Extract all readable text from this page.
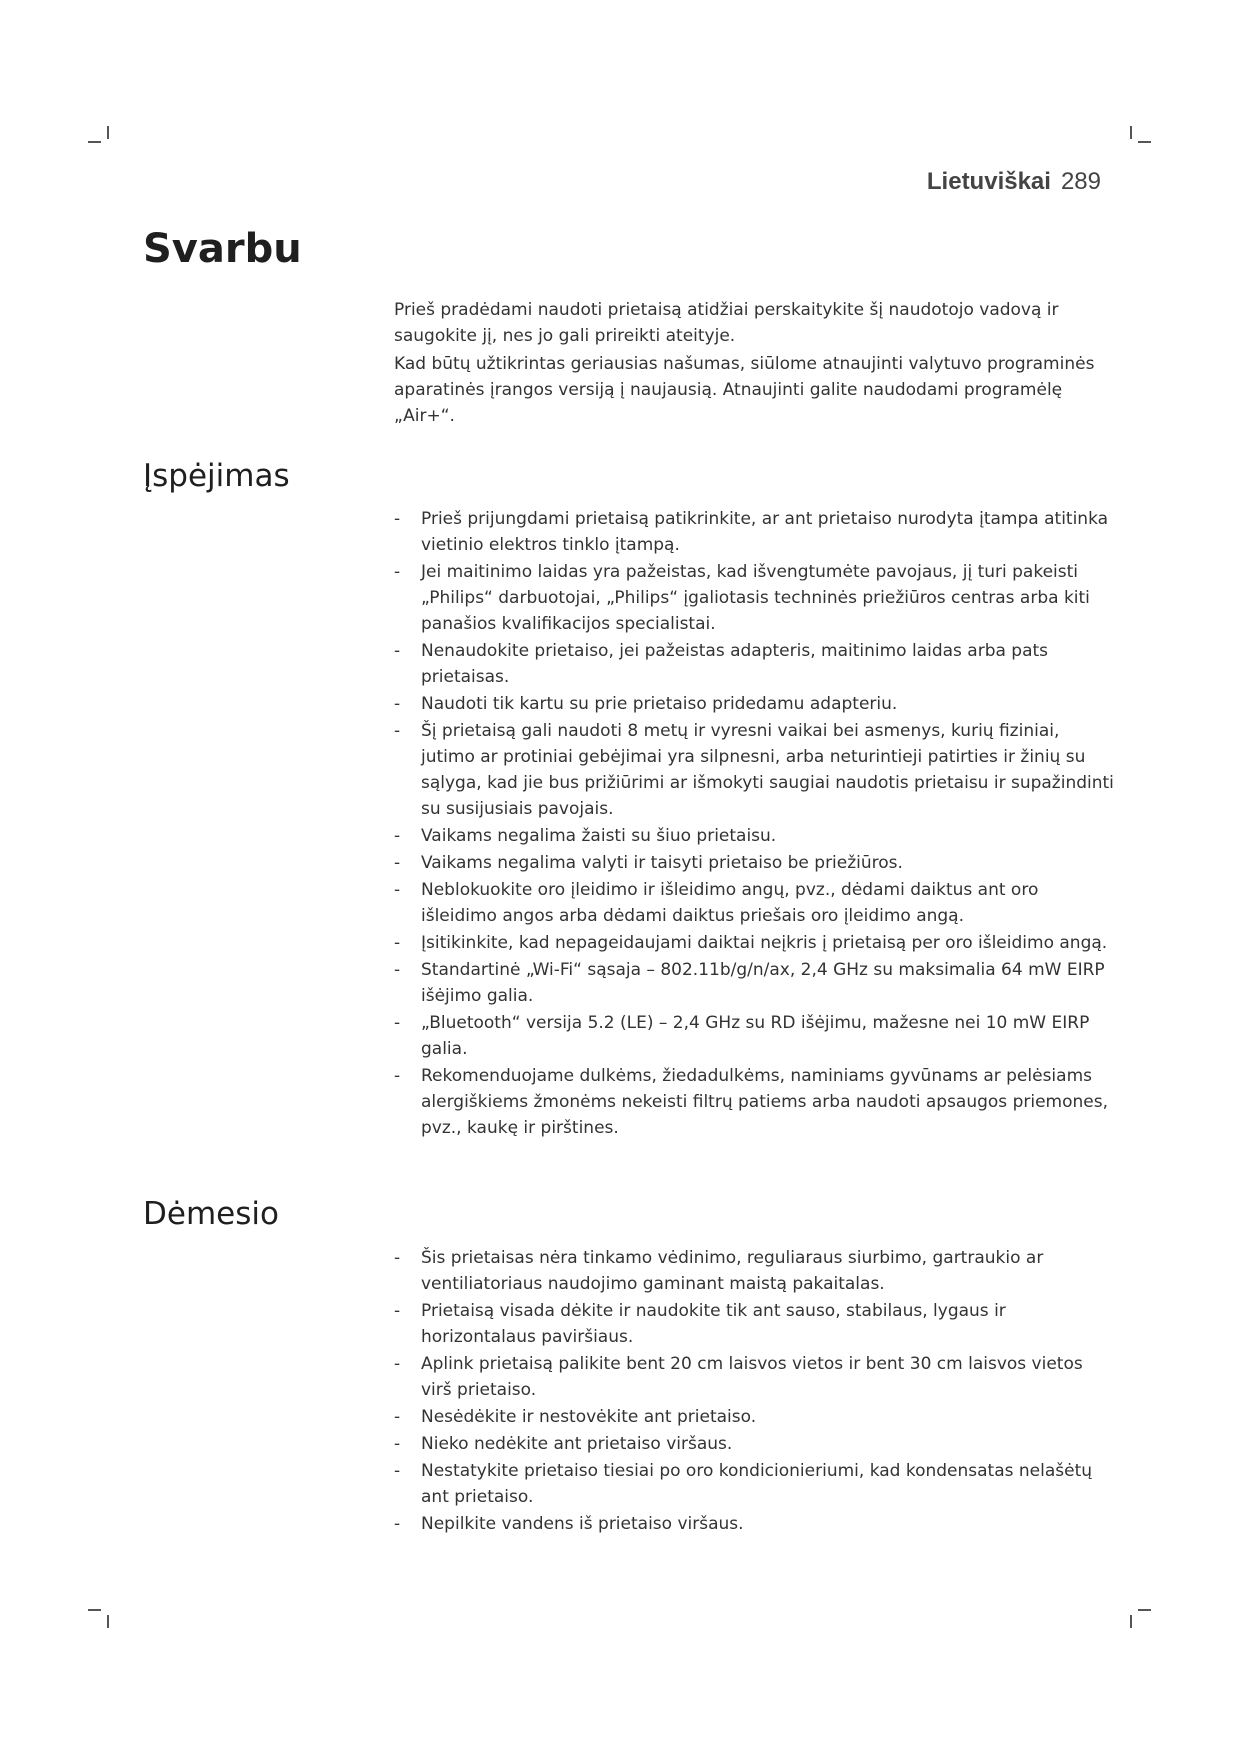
Lietuviškai 289
Svarbu

Prieš pradėdami naudoti prietaisą atidžiai perskaitykite šį naudotojo vadovą ir saugokite jį, nes jo gali prireikti ateityje.

Kad būtų užtikrintas geriausias našumas, siūlome atnaujinti valytuvo programinės aparatinės įrangos versiją į naujausią. Atnaujinti galite naudodami programėlę „Air+“.

Įspėjimas
- Prieš prijungdami prietaisą patikrinkite, ar ant prietaiso nurodyta įtampa atitinka vietinio elektros tinklo įtampą.
- Jei maitinimo laidas yra pažeistas, kad išvengtumėte pavojaus, jį turi pakeisti „Philips“ darbuotojai, „Philips“ įgaliotasis techninės priežiūros centras arba kiti panašios kvalifikacijos specialistai.
- Nenaudokite prietaiso, jei pažeistas adapteris, maitinimo laidas arba pats prietaisas.
- Naudoti tik kartu su prie prietaiso pridedamu adapteriu.
- Šį prietaisą gali naudoti 8 metų ir vyresni vaikai bei asmenys, kurių fiziniai, jutimo ar protiniai gebėjimai yra silpnesni, arba neturintieji patirties ir žinių su sąlyga, kad jie bus prižiūrimi ar išmokyti saugiai naudotis prietaisu ir supažindinti su susijusiais pavojais.
- Vaikams negalima žaisti su šiuo prietaisu.
- Vaikams negalima valyti ir taisyti prietaiso be priežiūros.
- Neblokuokite oro įleidimo ir išleidimo angų, pvz., dėdami daiktus ant oro išleidimo angos arba dėdami daiktus priešais oro įleidimo angą.
- Įsitikinkite, kad nepageidaujami daiktai neįkris į prietaisą per oro išleidimo angą.
- Standartinė „Wi-Fi“ sąsaja – 802.11b/g/n/ax, 2,4 GHz su maksimalia 64 mW EIRP išėjimo galia.
- „Bluetooth“ versija 5.2 (LE) – 2,4 GHz su RD išėjimu, mažesne nei 10 mW EIRP galia.
- Rekomenduojame dulkėms, žiedadulkėms, naminiams gyvūnams ar pelėsiams alergiškiems žmonėms nekeisti filtrų patiems arba naudoti apsaugos priemones, pvz., kaukę ir pirštines.
Dėmesio
- Šis prietaisas nėra tinkamo vėdinimo, reguliaraus siurbimo, gartraukio ar ventiliatoriaus naudojimo gaminant maistą pakaitalas.
- Prietaisą visada dėkite ir naudokite tik ant sauso, stabilaus, lygaus ir horizontalaus paviršiaus.
- Aplink prietaisą palikite bent 20 cm laisvos vietos ir bent 30 cm laisvos vietos virš prietaiso.
- Nesėdėkite ir nestovėkite ant prietaiso.
- Nieko nedėkite ant prietaiso viršaus.
- Nestatykite prietaiso tiesiai po oro kondicionieriumi, kad kondensatas nelašėtų ant prietaiso.
- Nepilkite vandens iš prietaiso viršaus.
